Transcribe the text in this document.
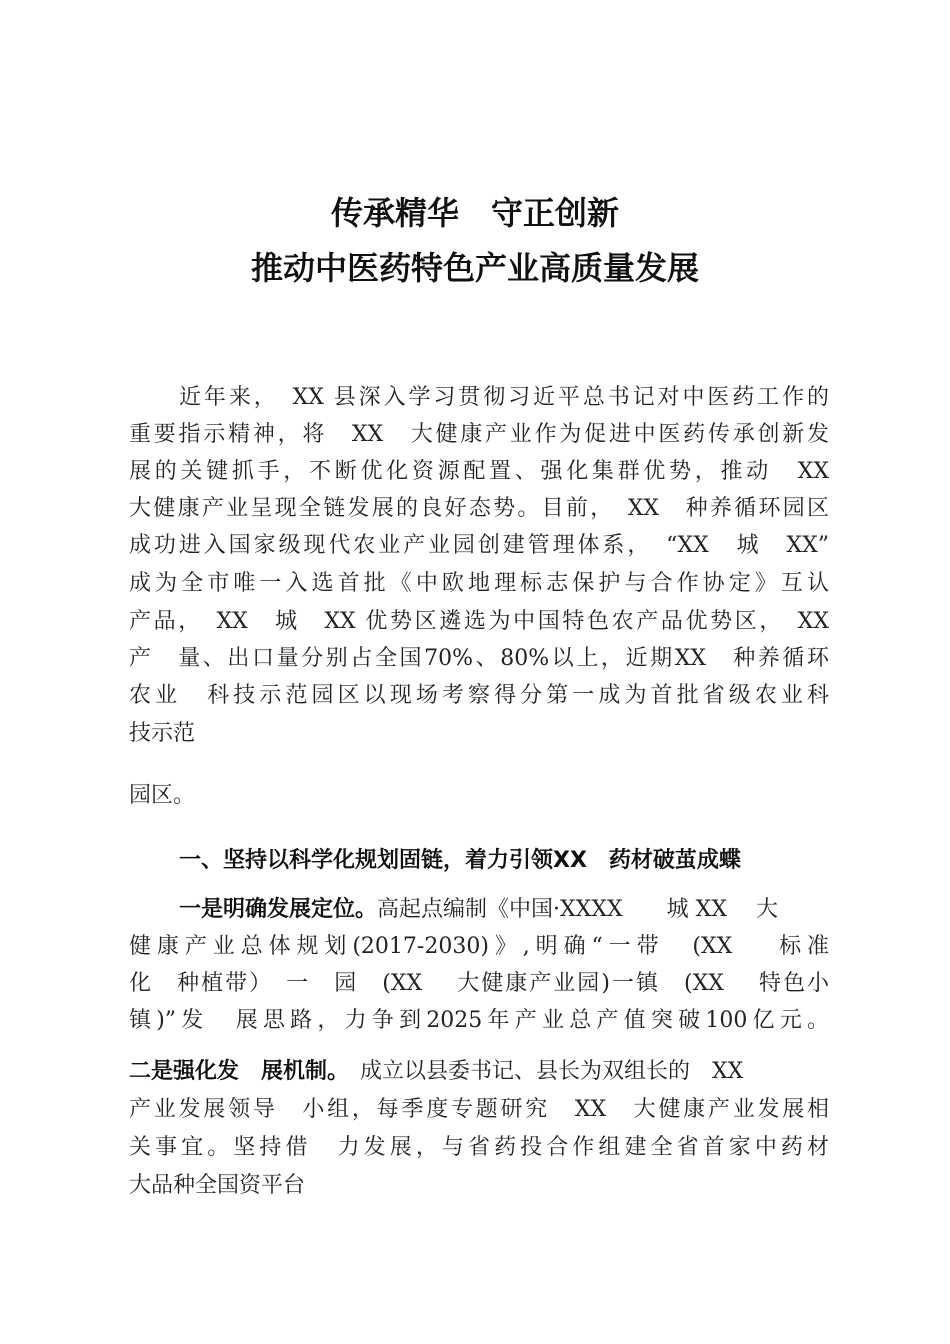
传承精华　守正创新
推动中医药特色产业高质量发展
近年来，　XX 县深入学习贯彻习近平总书记对中医药工作的
重要指示精神，将　XX　大健康产业作为促进中医药传承创新发
展的关键抓手，不断优化资源配置、强化集群优势，推动　XX
大健康产业呈现全链发展的良好态势。目前，　XX　种养循环园区
成功进入国家级现代农业产业园创建管理体系，　“XX　城　XX”
成为全市唯一入选首批《中欧地理标志保护与合作协定》互认
产品，　XX　城　XX 优势区遴选为中国特色农产品优势区，　XX
产　量、出口量分别占全国70%、80%以上，近期XX　种养循环
农业　科技示范园区以现场考察得分第一成为首批省级农业科
技示范
园区。
一、坚持以科学化规划固链，着力引领XX　药材破茧成蝶
一是明确发展定位。高起点编制《中国·XXXX　　城 XX　 大
健康产业总体规划(2017-2030)》,明确“一带　(XX　 标准
化　种植带）　一　园　(XX　 大健康产业园)一镇　(XX　 特色小
镇)”发　展思路，力争到2025年产业总产值突破100亿元。
二是强化发　展机制。　成立以县委书记、县长为双组长的　XX
产业发展领导　小组，每季度专题研究　XX　大健康产业发展相
关事宜。坚持借　力发展，与省药投合作组建全省首家中药材
大品种全国资平台
